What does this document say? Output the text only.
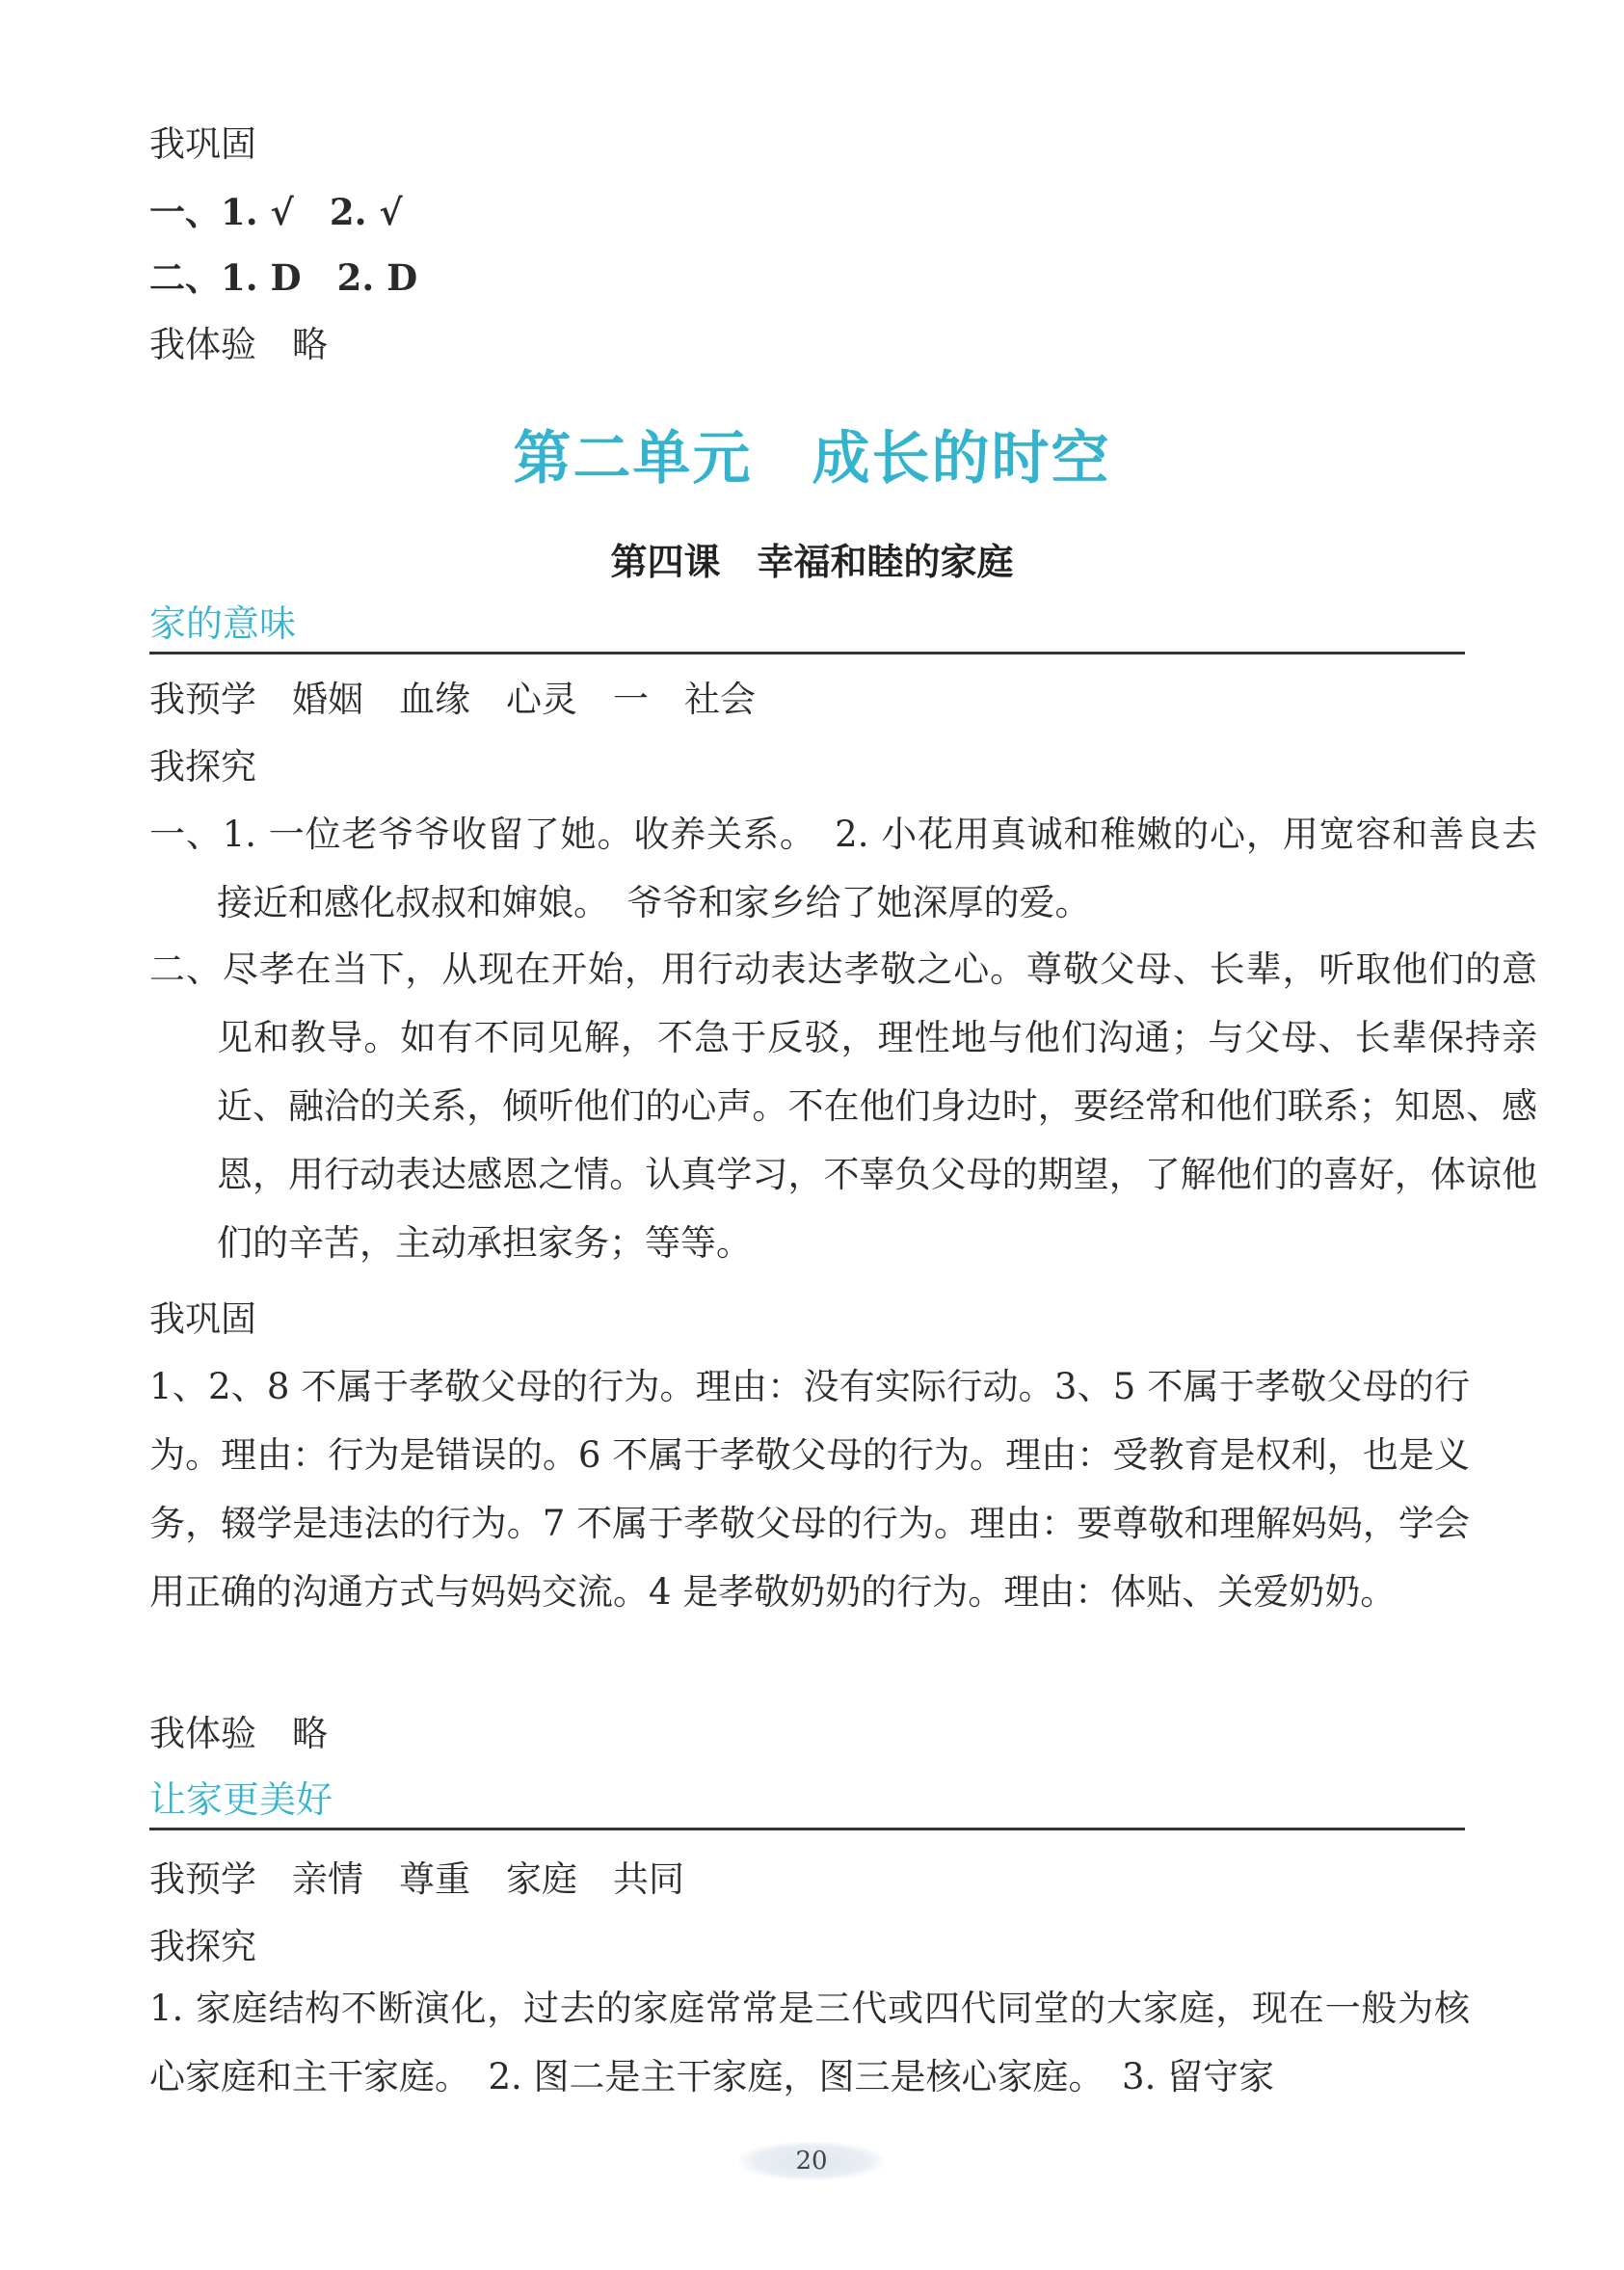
我巩固
一、1. √　2. √
二、1. D　2. D
我体验　略
第二单元　成长的时空
第四课　幸福和睦的家庭
家的意味
我预学　婚姻　血缘　心灵　一　社会
我探究
一、1. 一位老爷爷收留了她。收养关系。　2. 小花用真诚和稚嫩的心，用宽容和善良去接近和感化叔叔和婶娘。　爷爷和家乡给了她深厚的爱。
二、尽孝在当下，从现在开始，用行动表达孝敬之心。尊敬父母、长辈，听取他们的意见和教导。如有不同见解，不急于反驳，理性地与他们沟通；与父母、长辈保持亲近、融洽的关系，倾听他们的心声。不在他们身边时，要经常和他们联系；知恩、感恩，用行动表达感恩之情。认真学习，不辜负父母的期望，了解他们的喜好，体谅他们的辛苦，主动承担家务；等等。
我巩固
1、2、8 不属于孝敬父母的行为。理由：没有实际行动。3、5 不属于孝敬父母的行为。理由：行为是错误的。6 不属于孝敬父母的行为。理由：受教育是权利，也是义务，辍学是违法的行为。7 不属于孝敬父母的行为。理由：要尊敬和理解妈妈，学会用正确的沟通方式与妈妈交流。4 是孝敬奶奶的行为。理由：体贴、关爱奶奶。
我体验　略
让家更美好
我预学　亲情　尊重　家庭　共同
我探究
1. 家庭结构不断演化，过去的家庭常常是三代或四代同堂的大家庭，现在一般为核心家庭和主干家庭。　2. 图二是主干家庭，图三是核心家庭。　3. 留守家
20
